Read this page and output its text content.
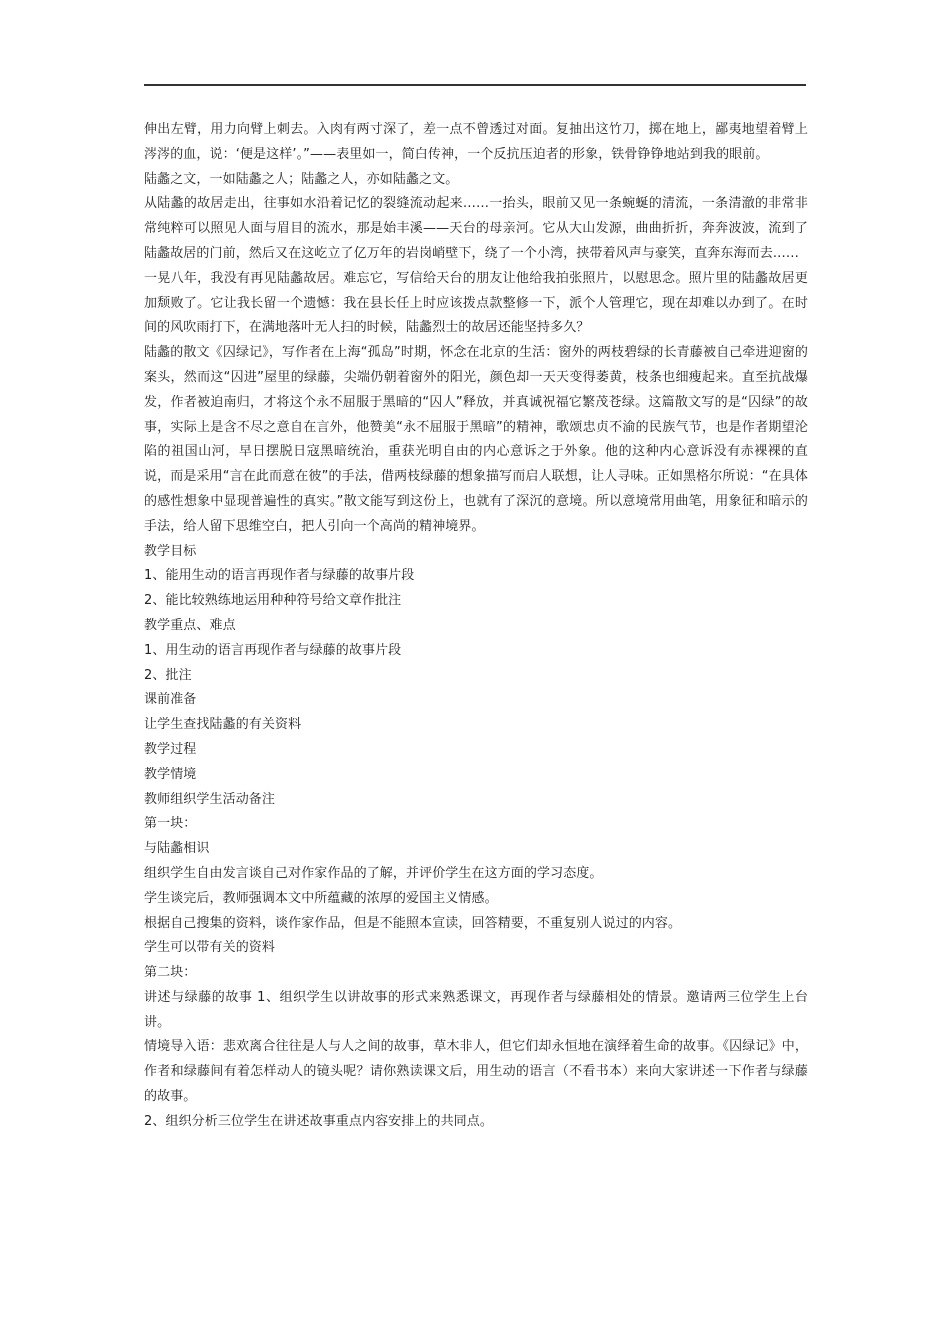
伸出左臂，用力向臂上刺去。入肉有两寸深了，差一点不曾透过对面。复抽出这竹刀，掷在地上，鄙夷地望着臂上涔涔的血，说：‘便是这样’。”——表里如一，简白传神，一个反抗压迫者的形象，铁骨铮铮地站到我的眼前。

陆蠡之文，一如陆蠡之人；陆蠡之人，亦如陆蠡之文。

从陆蠡的故居走出，往事如水沿着记忆的裂缝流动起来……一抬头，眼前又见一条蜿蜒的清流，一条清澈的非常非常纯粹可以照见人面与眉目的流水，那是始丰溪——天台的母亲河。它从大山发源，曲曲折折，奔奔波波，流到了陆蠡故居的门前，然后又在这屹立了亿万年的岩岗峭壁下，绕了一个小湾，挟带着风声与豪笑，直奔东海而去……

一晃八年，我没有再见陆蠡故居。难忘它，写信给天台的朋友让他给我拍张照片，以慰思念。照片里的陆蠡故居更加颓败了。它让我长留一个遗憾：我在县长任上时应该拨点款整修一下，派个人管理它，现在却难以办到了。在时间的风吹雨打下，在满地落叶无人扫的时候，陆蠡烈士的故居还能坚持多久？

陆蠡的散文《囚绿记》，写作者在上海“孤岛”时期，怀念在北京的生活：窗外的两枝碧绿的长青藤被自己牵进迎窗的案头，然而这“囚进”屋里的绿藤，尖端仍朝着窗外的阳光，颜色却一天天变得萎黄，枝条也细瘦起来。直至抗战爆发，作者被迫南归，才将这个永不屈服于黑暗的“囚人”释放，并真诚祝福它繁茂苍绿。这篇散文写的是“囚绿”的故事，实际上是含不尽之意自在言外，他赞美“永不屈服于黑暗”的精神，歌颂忠贞不渝的民族气节，也是作者期望沦陷的祖国山河，早日摆脱日寇黑暗统治，重获光明自由的内心意诉之于外象。他的这种内心意诉没有赤裸裸的直说，而是采用“言在此而意在彼”的手法，借两枝绿藤的想象描写而启人联想，让人寻味。正如黑格尔所说：“在具体的感性想象中显现普遍性的真实。”散文能写到这份上，也就有了深沉的意境。所以意境常用曲笔，用象征和暗示的手法，给人留下思维空白，把人引向一个高尚的精神境界。

教学目标

1、能用生动的语言再现作者与绿藤的故事片段

2、能比较熟练地运用种种符号给文章作批注

教学重点、难点

1、用生动的语言再现作者与绿藤的故事片段

2、批注

课前准备

让学生查找陆蠡的有关资料

教学过程

教学情境

教师组织学生活动备注

第一块：

与陆蠡相识

组织学生自由发言谈自己对作家作品的了解，并评价学生在这方面的学习态度。

学生谈完后，教师强调本文中所蕴藏的浓厚的爱国主义情感。

根据自己搜集的资料，谈作家作品，但是不能照本宣读，回答精要，不重复别人说过的内容。

学生可以带有关的资料

第二块：

讲述与绿藤的故事 1、组织学生以讲故事的形式来熟悉课文，再现作者与绿藤相处的情景。邀请两三位学生上台讲。

情境导入语：悲欢离合往往是人与人之间的故事，草木非人，但它们却永恒地在演绎着生命的故事。《囚绿记》中，作者和绿藤间有着怎样动人的镜头呢？请你熟读课文后，用生动的语言（不看书本）来向大家讲述一下作者与绿藤的故事。

2、组织分析三位学生在讲述故事重点内容安排上的共同点。
